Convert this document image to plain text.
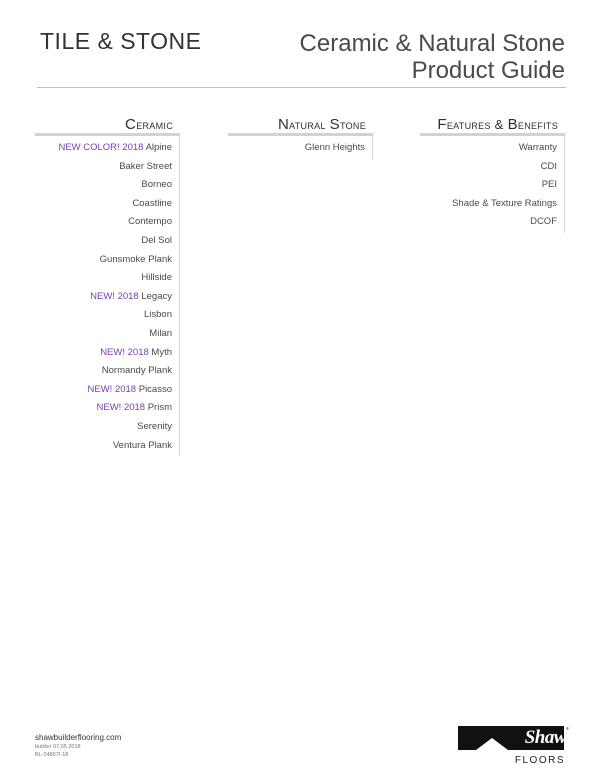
TILE & STONE	Ceramic & Natural Stone
Product Guide
Ceramic
NEW COLOR! 2018 Alpine
Baker Street
Borneo
Coastline
Contempo
Del Sol
Gunsmoke Plank
Hillside
NEW! 2018 Legacy
Lisbon
Milan
NEW! 2018 Myth
Normandy Plank
NEW! 2018 Picasso
NEW! 2018 Prism
Serenity
Ventura Plank
Natural Stone
Glenn Heights
Features & Benefits
Warranty
CDI
PEI
Shade & Texture Ratings
DCOF
shawbuilderflooring.com
builder 07.05.2018
BL-24867I-18
®
Shaw
FLOORS
